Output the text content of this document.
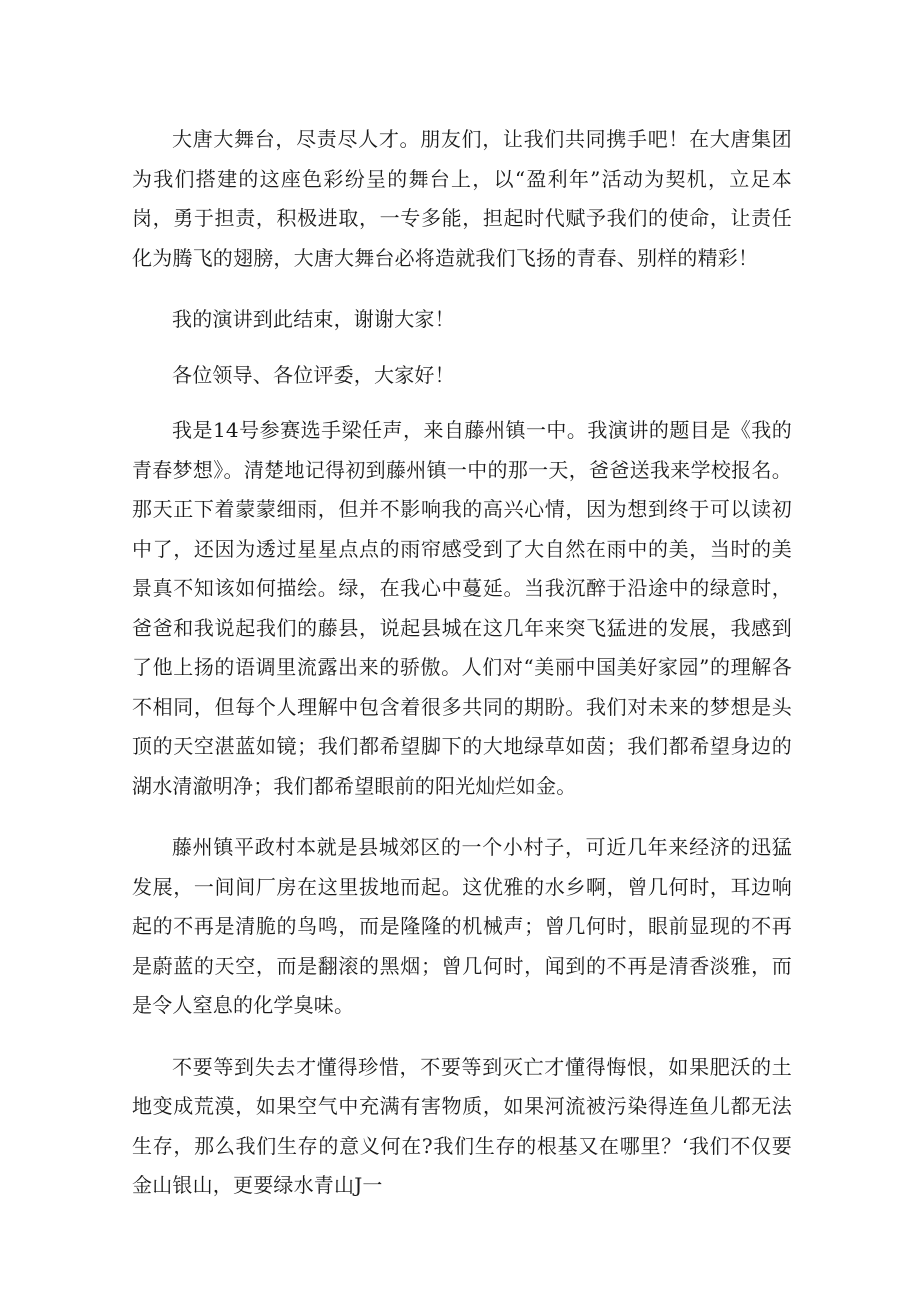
大唐大舞台，尽责尽人才。朋友们，让我们共同携手吧！在大唐集团为我们搭建的这座色彩纷呈的舞台上，以“盈利年”活动为契机，立足本岗，勇于担责，积极进取，一专多能，担起时代赋予我们的使命，让责任化为腾飞的翅膀，大唐大舞台必将造就我们飞扬的青春、别样的精彩！

我的演讲到此结束，谢谢大家！

各位领导、各位评委，大家好！

我是14号参赛选手梁任声，来自藤州镇一中。我演讲的题目是《我的青春梦想》。清楚地记得初到藤州镇一中的那一天，爸爸送我来学校报名。那天正下着蒙蒙细雨，但并不影响我的高兴心情，因为想到终于可以读初中了，还因为透过星星点点的雨帘感受到了大自然在雨中的美，当时的美景真不知该如何描绘。绿，在我心中蔓延。当我沉醉于沿途中的绿意时，爸爸和我说起我们的藤县，说起县城在这几年来突飞猛进的发展，我感到了他上扬的语调里流露出来的骄傲。人们对“美丽中国美好家园”的理解各不相同，但每个人理解中包含着很多共同的期盼。我们对未来的梦想是头顶的天空湛蓝如镜；我们都希望脚下的大地绿草如茵；我们都希望身边的湖水清澈明净；我们都希望眼前的阳光灿烂如金。

藤州镇平政村本就是县城郊区的一个小村子，可近几年来经济的迅猛发展，一间间厂房在这里拔地而起。这优雅的水乡啊，曾几何时，耳边响起的不再是清脆的鸟鸣，而是隆隆的机械声；曾几何时，眼前显现的不再是蔚蓝的天空，而是翻滚的黑烟；曾几何时，闻到的不再是清香淡雅，而是令人窒息的化学臭味。

不要等到失去才懂得珍惜，不要等到灭亡才懂得悔恨，如果肥沃的土地变成荒漠，如果空气中充满有害物质，如果河流被污染得连鱼儿都无法生存，那么我们生存的意义何在?我们生存的根基又在哪里？‘我们不仅要金山银山，更要绿水青山J一
